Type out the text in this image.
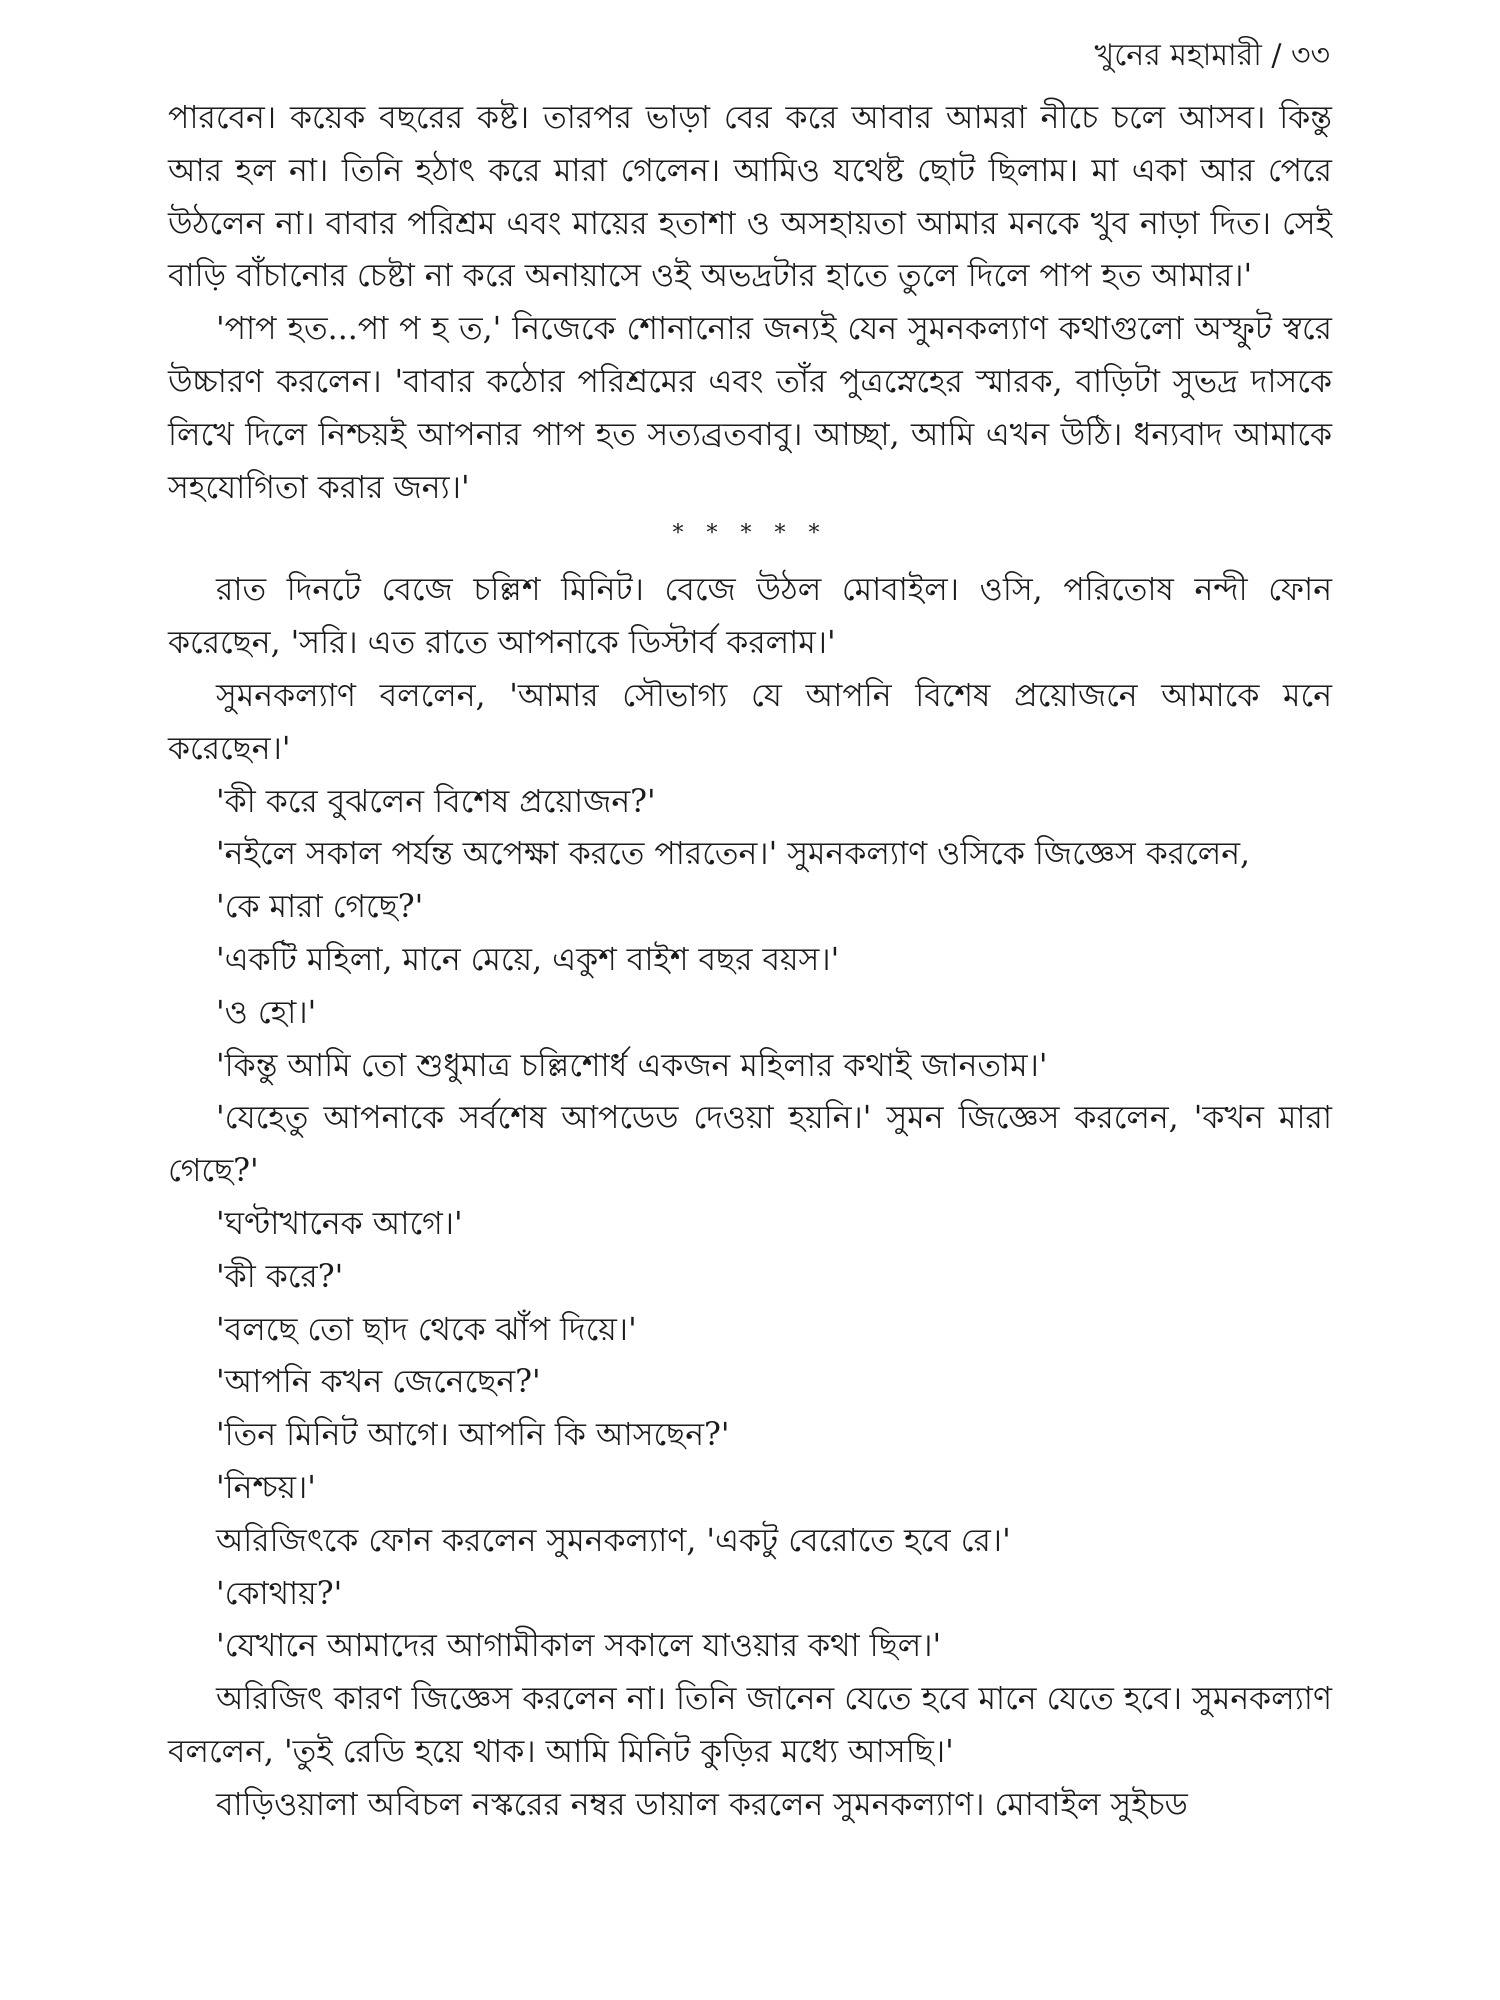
খুনের মহামারী / ৩৩

পারবেন। কয়েক বছরের কষ্ট। তারপর ভাড়া বের করে আবার আমরা নীচে চলে আসব। কিন্তু আর হল না। তিনি হঠাৎ করে মারা গেলেন। আমিও যথেষ্ট ছোট ছিলাম। মা একা আর পেরে উঠলেন না। বাবার পরিশ্রম এবং মায়ের হতাশা ও অসহায়তা আমার মনকে খুব নাড়া দিত। সেই বাড়ি বাঁচানোর চেষ্টা না করে অনায়াসে ওই অভদ্রটার হাতে তুলে দিলে পাপ হত আমার।'

'পাপ হত...পা প হ ত,' নিজেকে শোনানোর জন্যই যেন সুমনকল্যাণ কথাগুলো অস্ফুট স্বরে উচ্চারণ করলেন। 'বাবার কঠোর পরিশ্রমের এবং তাঁর পুত্রস্নেহের স্মারক, বাড়িটা সুভদ্র দাসকে লিখে দিলে নিশ্চয়ই আপনার পাপ হত সত্যব্রতবাবু। আচ্ছা, আমি এখন উঠি। ধন্যবাদ আমাকে সহযোগিতা করার জন্য।'

* * * * *

রাত দিনটে বেজে চল্লিশ মিনিট। বেজে উঠল মোবাইল। ওসি, পরিতোষ নন্দী ফোন করেছেন, 'সরি। এত রাতে আপনাকে ডিস্টার্ব করলাম।'

সুমনকল্যাণ বললেন, 'আমার সৌভাগ্য যে আপনি বিশেষ প্রয়োজনে আমাকে মনে করেছেন।'

'কী করে বুঝলেন বিশেষ প্রয়োজন?'

'নইলে সকাল পর্যন্ত অপেক্ষা করতে পারতেন।' সুমনকল্যাণ ওসিকে জিজ্ঞেস করলেন,

'কে মারা গেছে?'

'একটি মহিলা, মানে মেয়ে, একুশ বাইশ বছর বয়স।'

'ও হো।'

'কিন্তু আমি তো শুধুমাত্র চল্লিশোর্ধ একজন মহিলার কথাই জানতাম।'

'যেহেতু আপনাকে সর্বশেষ আপডেড দেওয়া হয়নি।' সুমন জিজ্ঞেস করলেন, 'কখন মারা গেছে?'

'ঘণ্টাখানেক আগে।'

'কী করে?'

'বলছে তো ছাদ থেকে ঝাঁপ দিয়ে।'

'আপনি কখন জেনেছেন?'

'তিন মিনিট আগে। আপনি কি আসছেন?'

'নিশ্চয়।'

অরিজিৎকে ফোন করলেন সুমনকল্যাণ, 'একটু বেরোতে হবে রে।'

'কোথায়?'

'যেখানে আমাদের আগামীকাল সকালে যাওয়ার কথা ছিল।'

অরিজিৎ কারণ জিজ্ঞেস করলেন না। তিনি জানেন যেতে হবে মানে যেতে হবে। সুমনকল্যাণ বললেন, 'তুই রেডি হয়ে থাক। আমি মিনিট কুড়ির মধ্যে আসছি।'

বাড়িওয়ালা অবিচল নস্করের নম্বর ডায়াল করলেন সুমনকল্যাণ। মোবাইল সুইচড
